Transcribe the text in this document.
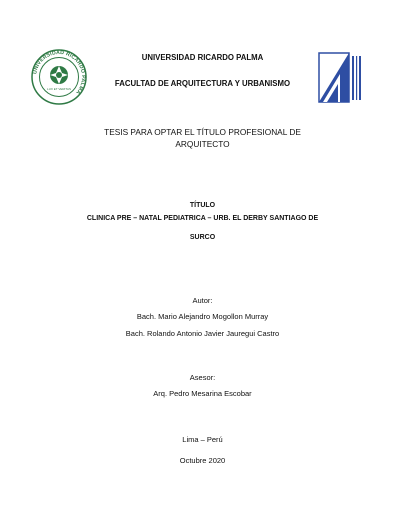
UNIVERSIDAD RICARDO PALMA
LUX ET VERITAS
UNIVERSIDAD RICARDO PALMA
FACULTAD DE ARQUITECTURA Y URBANISMO
TESIS PARA OPTAR EL TÍTULO PROFESIONAL DE
ARQUITECTO
TÍTULO
CLINICA PRE – NATAL PEDIATRICA – URB. EL DERBY SANTIAGO DE
SURCO
Autor:
Bach. Mario Alejandro Mogollon Murray
Bach. Rolando Antonio Javier Jauregui Castro
Asesor:
Arq. Pedro Mesarina Escobar
Lima – Perú
Octubre 2020
